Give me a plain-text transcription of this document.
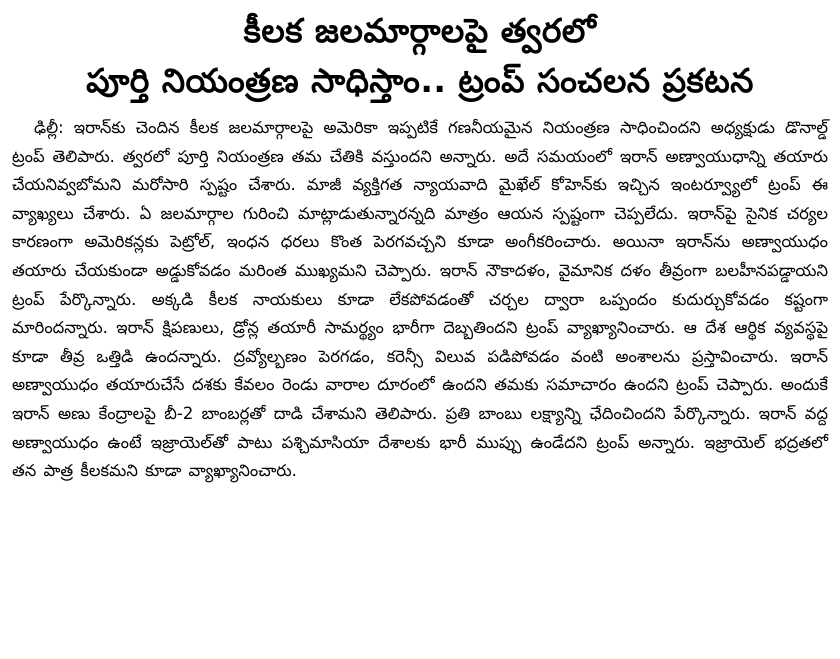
కీలక జలమార్గాలపై త్వరలో
పూర్తి నియంత్రణ సాధిస్తాం.. ట్రంప్ సంచలన ప్రకటన
ఢిల్లీ: ఇరాన్‌కు చెందిన కీలక జలమార్గాలపై అమెరికా ఇప్పటికే గణనీయమైన నియంత్రణ సాధించిందని అధ్యక్షుడు డొనాల్డ్ ట్రంప్ తెలిపారు. త్వరలో పూర్తి నియంత్రణ తమ చేతికి వస్తుందని అన్నారు. అదే సమయంలో ఇరాన్ అణ్వాయుధాన్ని తయారు చేయనివ్వబోమని మరోసారి స్పష్టం చేశారు. మాజీ వ్యక్తిగత న్యాయవాది మైఖేల్ కోహెన్‌కు ఇచ్చిన ఇంటర్వ్యూలో ట్రంప్ ఈ వ్యాఖ్యలు చేశారు. ఏ జలమార్గాల గురించి మాట్లాడుతున్నారన్నది మాత్రం ఆయన స్పష్టంగా చెప్పలేదు. ఇరాన్‌పై సైనిక చర్యల కారణంగా అమెరికన్లకు పెట్రోల్, ఇంధన ధరలు కొంత పెరగవచ్చని కూడా అంగీకరించారు. అయినా ఇరాన్‌ను అణ్వాయుధం తయారు చేయకుండా అడ్డుకోవడం మరింత ముఖ్యమని చెప్పారు. ఇరాన్ నౌకాదళం, వైమానిక దళం తీవ్రంగా బలహీనపడ్డాయని ట్రంప్ పేర్కొన్నారు. అక్కడి కీలక నాయకులు కూడా లేకపోవడంతో చర్చల ద్వారా ఒప్పందం కుదుర్చుకోవడం కష్టంగా మారిందన్నారు. ఇరాన్ క్షిపణులు, డ్రోన్ల తయారీ సామర్థ్యం భారీగా దెబ్బతిందని ట్రంప్ వ్యాఖ్యానించారు. ఆ దేశ ఆర్థిక వ్యవస్థపై కూడా తీవ్ర ఒత్తిడి ఉందన్నారు. ద్రవ్యోల్బణం పెరగడం, కరెన్సీ విలువ పడిపోవడం వంటి అంశాలను ప్రస్తావించారు. ఇరాన్ అణ్వాయుధం తయారుచేసే దశకు కేవలం రెండు వారాల దూరంలో ఉందని తమకు సమాచారం ఉందని ట్రంప్ చెప్పారు. అందుకే ఇరాన్ అణు కేంద్రాలపై బీ-2 బాంబర్లతో దాడి చేశామని తెలిపారు. ప్రతి బాంబు లక్ష్యాన్ని ఛేదించిందని పేర్కొన్నారు. ఇరాన్ వద్ద అణ్వాయుధం ఉంటే ఇజ్రాయెల్‌తో పాటు పశ్చిమాసియా దేశాలకు భారీ ముప్పు ఉండేదని ట్రంప్ అన్నారు. ఇజ్రాయెల్ భద్రతలో తన పాత్ర కీలకమని కూడా వ్యాఖ్యానించారు.
